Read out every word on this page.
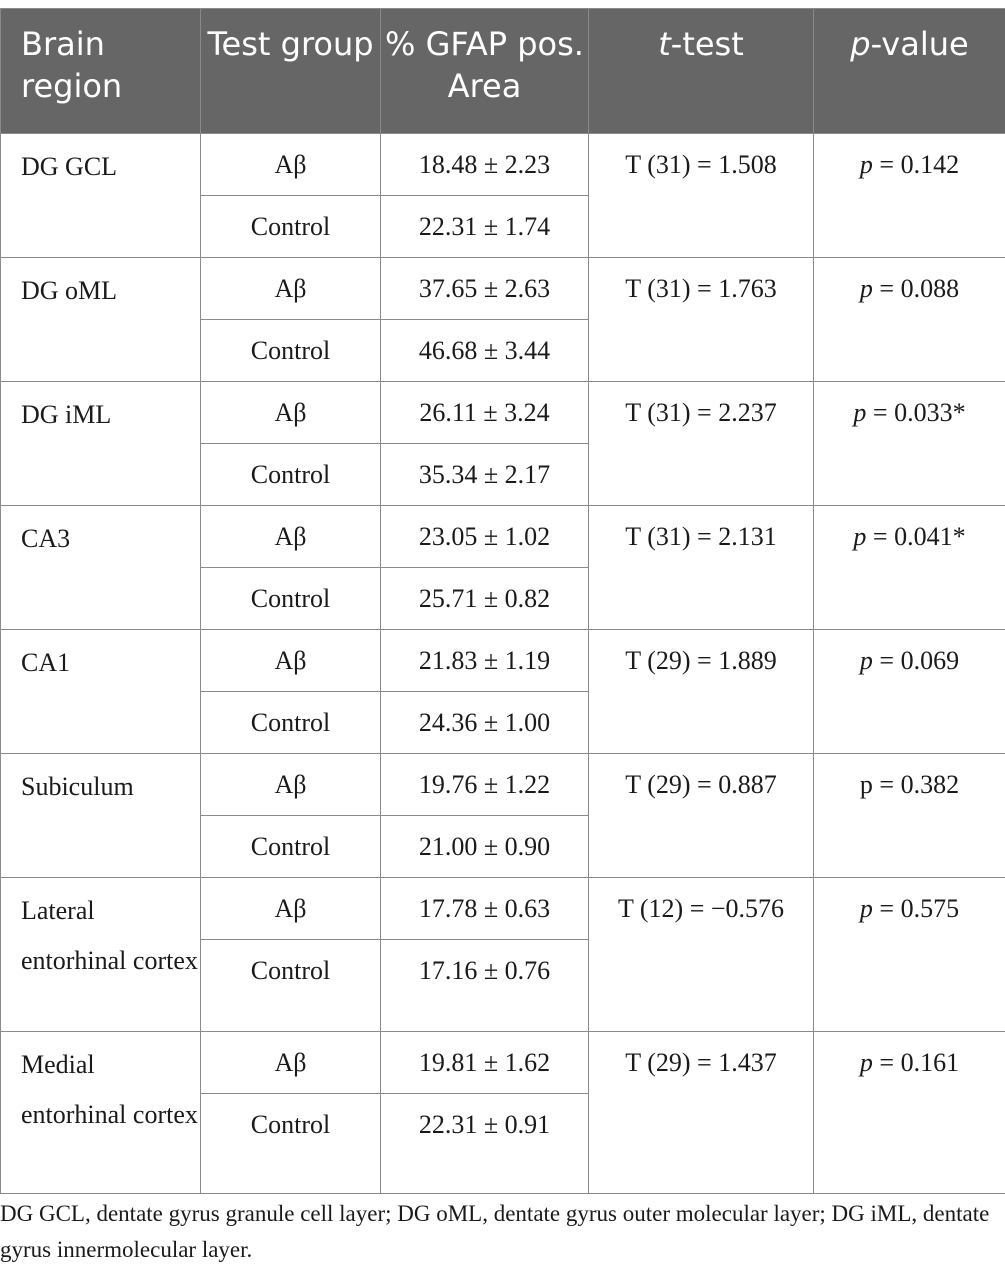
Brain region	Test group	% GFAP pos. Area	t-test	p-value

DG GCL	Aβ	18.48 ± 2.23	T (31) = 1.508	p = 0.142

	Control	22.31 ± 1.74		

DG oML	Aβ	37.65 ± 2.63	T (31) = 1.763	p = 0.088

	Control	46.68 ± 3.44		

DG iML	Aβ	26.11 ± 3.24	T (31) = 2.237	p = 0.033*

	Control	35.34 ± 2.17		

CA3	Aβ	23.05 ± 1.02	T (31) = 2.131	p = 0.041*

	Control	25.71 ± 0.82		

CA1	Aβ	21.83 ± 1.19	T (29) = 1.889	p = 0.069

	Control	24.36 ± 1.00		

Subiculum	Aβ	19.76 ± 1.22	T (29) = 0.887	p = 0.382

	Control	21.00 ± 0.90		

Lateral entorhinal cortex	Aβ	17.78 ± 0.63	T (12) = −0.576	p = 0.575

	Control	17.16 ± 0.76		

Medial entorhinal cortex	Aβ	19.81 ± 1.62	T (29) = 1.437	p = 0.161

	Control	22.31 ± 0.91		
DG GCL, dentate gyrus granule cell layer; DG oML, dentate gyrus outer molecular layer; DG iML, dentate gyrus innermolecular layer.
